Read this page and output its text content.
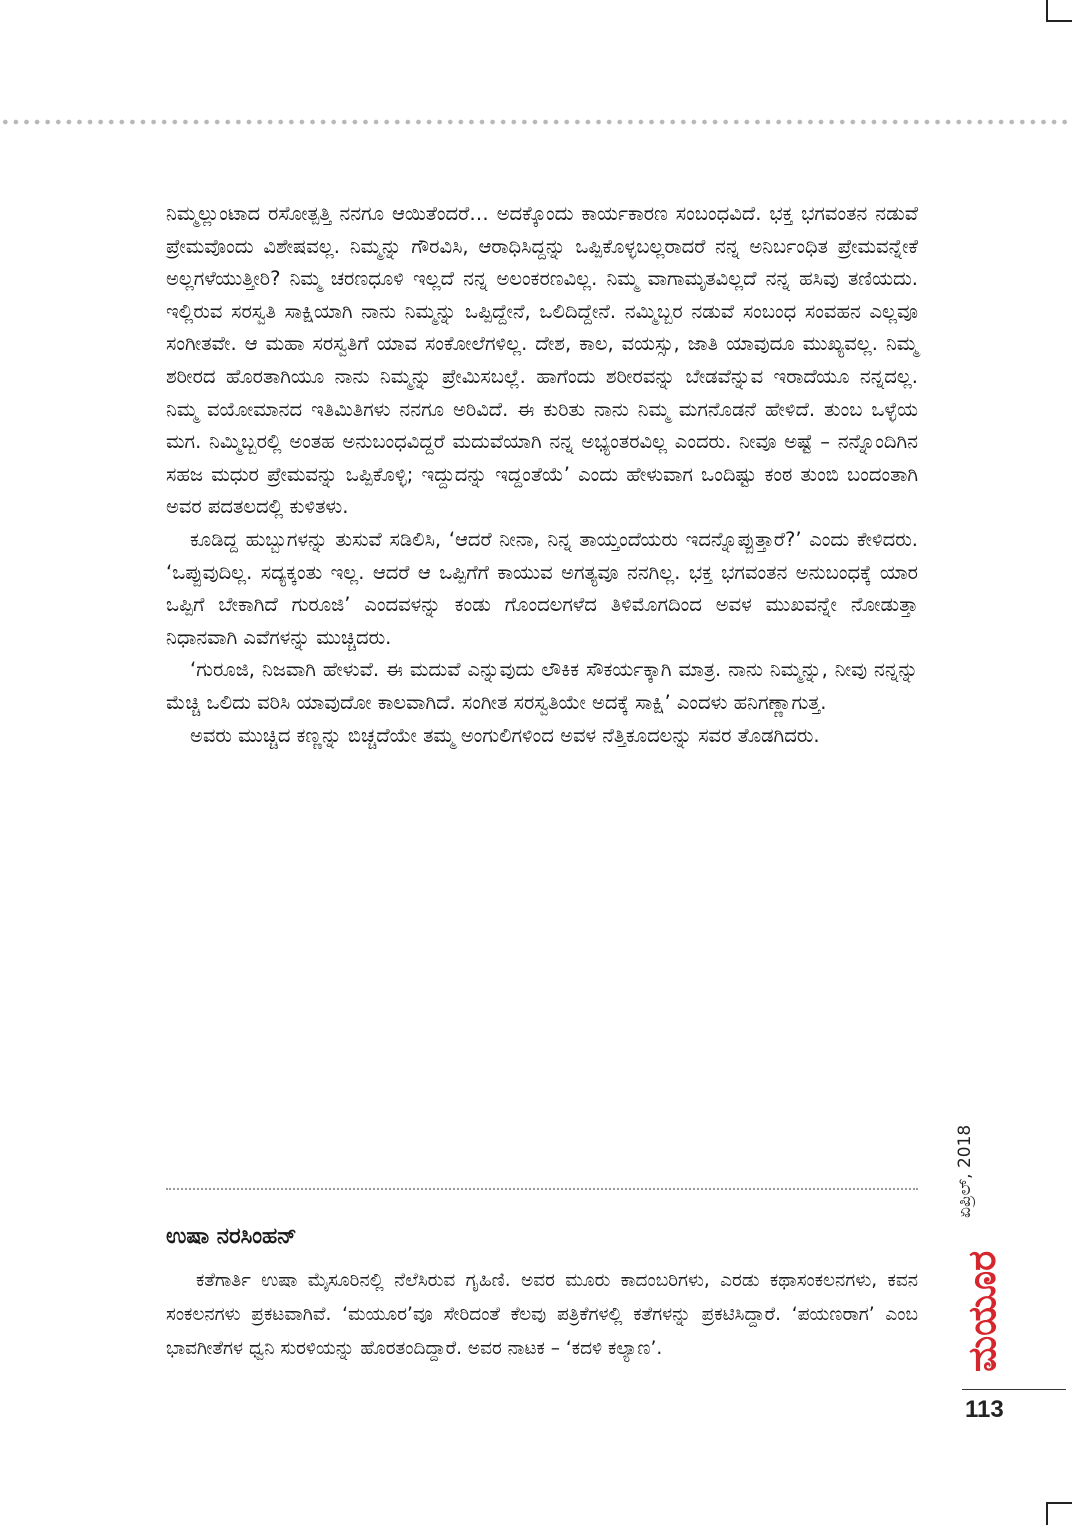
ನಿಮ್ಮಲ್ಲುಂಟಾದ ರಸೋತ್ಪತ್ತಿ ನನಗೂ ಆಯಿತೆಂದರೆ… ಅದಕ್ಕೊಂದು ಕಾರ್ಯಕಾರಣ ಸಂಬಂಧವಿದೆ. ಭಕ್ತ ಭಗವಂತನ ನಡುವೆ ಪ್ರೇಮವೊಂದು ವಿಶೇಷವಲ್ಲ. ನಿಮ್ಮನ್ನು ಗೌರವಿಸಿ, ಆರಾಧಿಸಿದ್ದನ್ನು ಒಪ್ಪಿಕೊಳ್ಳಬಲ್ಲರಾದರೆ ನನ್ನ ಅನಿರ್ಬಂಧಿತ ಪ್ರೇಮವನ್ನೇಕೆ ಅಲ್ಲಗಳೆಯುತ್ತೀರಿ? ನಿಮ್ಮ ಚರಣಧೂಳಿ ಇಲ್ಲದೆ ನನ್ನ ಅಲಂಕರಣವಿಲ್ಲ. ನಿಮ್ಮ ವಾಗಾಮೃತವಿಲ್ಲದೆ ನನ್ನ ಹಸಿವು ತಣಿಯದು. ಇಲ್ಲಿರುವ ಸರಸ್ವತಿ ಸಾಕ್ಷಿಯಾಗಿ ನಾನು ನಿಮ್ಮನ್ನು ಒಪ್ಪಿದ್ದೇನೆ, ಒಲಿದಿದ್ದೇನೆ. ನಮ್ಮಿಬ್ಬರ ನಡುವೆ ಸಂಬಂಧ ಸಂವಹನ ಎಲ್ಲವೂ ಸಂಗೀತವೇ. ಆ ಮಹಾ ಸರಸ್ವತಿಗೆ ಯಾವ ಸಂಕೋಲೆಗಳಿಲ್ಲ. ದೇಶ, ಕಾಲ, ವಯಸ್ಸು, ಜಾತಿ ಯಾವುದೂ ಮುಖ್ಯವಲ್ಲ. ನಿಮ್ಮ ಶರೀರದ ಹೊರತಾಗಿಯೂ ನಾನು ನಿಮ್ಮನ್ನು ಪ್ರೇಮಿಸಬಲ್ಲೆ. ಹಾಗೆಂದು ಶರೀರವನ್ನು ಬೇಡವೆನ್ನುವ ಇರಾದೆಯೂ ನನ್ನದಲ್ಲ. ನಿಮ್ಮ ವಯೋಮಾನದ ಇತಿಮಿತಿಗಳು ನನಗೂ ಅರಿವಿದೆ. ಈ ಕುರಿತು ನಾನು ನಿಮ್ಮ ಮಗನೊಡನೆ ಹೇಳಿದೆ. ತುಂಬ ಒಳ್ಳೆಯ ಮಗ. ನಿಮ್ಮಿಬ್ಬರಲ್ಲಿ ಅಂತಹ ಅನುಬಂಧವಿದ್ದರೆ ಮದುವೆಯಾಗಿ ನನ್ನ ಅಭ್ಯಂತರವಿಲ್ಲ ಎಂದರು. ನೀವೂ ಅಷ್ಟೆ – ನನ್ನೊಂದಿಗಿನ ಸಹಜ ಮಧುರ ಪ್ರೇಮವನ್ನು ಒಪ್ಪಿಕೊಳ್ಳಿ; ಇದ್ದುದನ್ನು ಇದ್ದಂತೆಯೆ’ ಎಂದು ಹೇಳುವಾಗ ಒಂದಿಷ್ಟು ಕಂಠ ತುಂಬಿ ಬಂದಂತಾಗಿ ಅವರ ಪದತಲದಲ್ಲಿ ಕುಳಿತಳು.

ಕೂಡಿದ್ದ ಹುಬ್ಬುಗಳನ್ನು ತುಸುವೆ ಸಡಿಲಿಸಿ, ‘ಆದರೆ ನೀನಾ, ನಿನ್ನ ತಾಯ್ತಂದೆಯರು ಇದನ್ನೊಪ್ಪುತ್ತಾರೆ?’ ಎಂದು ಕೇಳಿದರು. ‘ಒಪ್ಪುವುದಿಲ್ಲ. ಸದ್ಯಕ್ಕಂತು ಇಲ್ಲ. ಆದರೆ ಆ ಒಪ್ಪಿಗೆಗೆ ಕಾಯುವ ಅಗತ್ಯವೂ ನನಗಿಲ್ಲ. ಭಕ್ತ ಭಗವಂತನ ಅನುಬಂಧಕ್ಕೆ ಯಾರ ಒಪ್ಪಿಗೆ ಬೇಕಾಗಿದೆ ಗುರೂಜಿ’ ಎಂದವಳನ್ನು ಕಂಡು ಗೊಂದಲಗಳೆದ ತಿಳಿಮೊಗದಿಂದ ಅವಳ ಮುಖವನ್ನೇ ನೋಡುತ್ತಾ ನಿಧಾನವಾಗಿ ಎವೆಗಳನ್ನು ಮುಚ್ಚಿದರು.

‘ಗುರೂಜಿ, ನಿಜವಾಗಿ ಹೇಳುವೆ. ಈ ಮದುವೆ ಎನ್ನುವುದು ಲೌಕಿಕ ಸೌಕರ್ಯಕ್ಕಾಗಿ ಮಾತ್ರ. ನಾನು ನಿಮ್ಮನ್ನು, ನೀವು ನನ್ನನ್ನು ಮೆಚ್ಚಿ ಒಲಿದು ವರಿಸಿ ಯಾವುದೋ ಕಾಲವಾಗಿದೆ. ಸಂಗೀತ ಸರಸ್ವತಿಯೇ ಅದಕ್ಕೆ ಸಾಕ್ಷಿ’ ಎಂದಳು ಹನಿಗಣ್ಣಾಗುತ್ತ.

ಅವರು ಮುಚ್ಚಿದ ಕಣ್ಣನ್ನು ಬಿಚ್ಚದೆಯೇ ತಮ್ಮ ಅಂಗುಲಿಗಳಿಂದ ಅವಳ ನೆತ್ತಿಕೂದಲನ್ನು ಸವರ ತೊಡಗಿದರು.

ಉಷಾ ನರಸಿಂಹನ್

ಕತೆಗಾರ್ತಿ ಉಷಾ ಮೈಸೂರಿನಲ್ಲಿ ನೆಲೆಸಿರುವ ಗೃಹಿಣಿ. ಅವರ ಮೂರು ಕಾದಂಬರಿಗಳು, ಎರಡು ಕಥಾಸಂಕಲನಗಳು, ಕವನ ಸಂಕಲನಗಳು ಪ್ರಕಟವಾಗಿವೆ. ‘ಮಯೂರ’ವೂ ಸೇರಿದಂತೆ ಕೆಲವು ಪತ್ರಿಕೆಗಳಲ್ಲಿ ಕತೆಗಳನ್ನು ಪ್ರಕಟಿಸಿದ್ದಾರೆ. ‘ಪಯಣರಾಗ’ ಎಂಬ ಭಾವಗೀತೆಗಳ ಧ್ವನಿ ಸುರಳಿಯನ್ನು ಹೊರತಂದಿದ್ದಾರೆ. ಅವರ ನಾಟಕ – ‘ಕದಳಿ ಕಲ್ಯಾಣ’.

ಏಪ್ರಿಲ್, 2018
ಮಯೂರ
113
